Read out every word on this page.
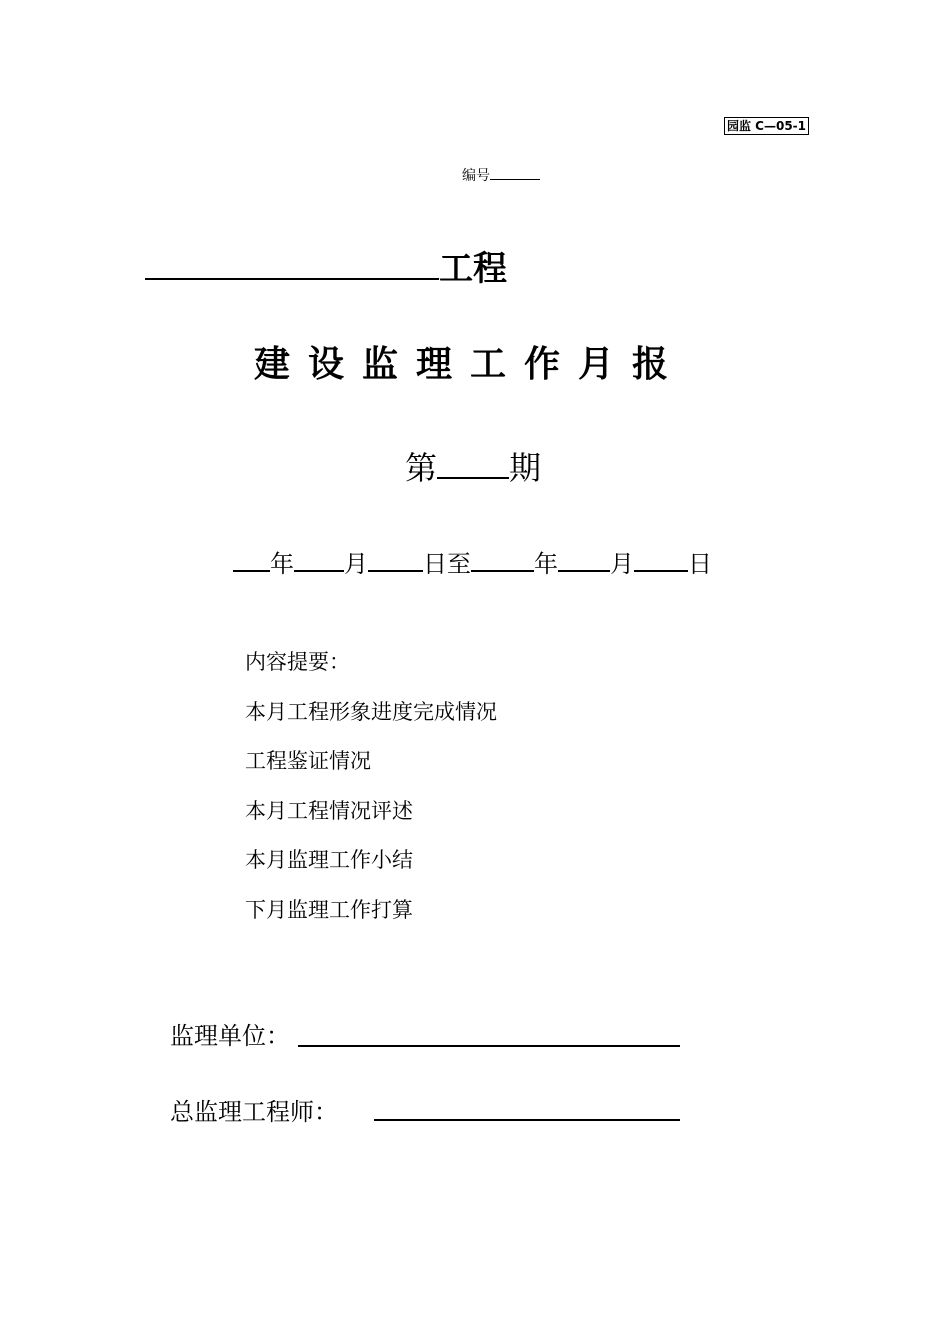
园监 C—05-1
编号
工程
建设监理工作月报
第 期
年 月 日至	年 月 日
内容提要：
本月工程形象进度完成情况
工程鉴证情况
本月工程情况评述
本月监理工作小结
下月监理工作打算
监理单位：
总监理工程师：
